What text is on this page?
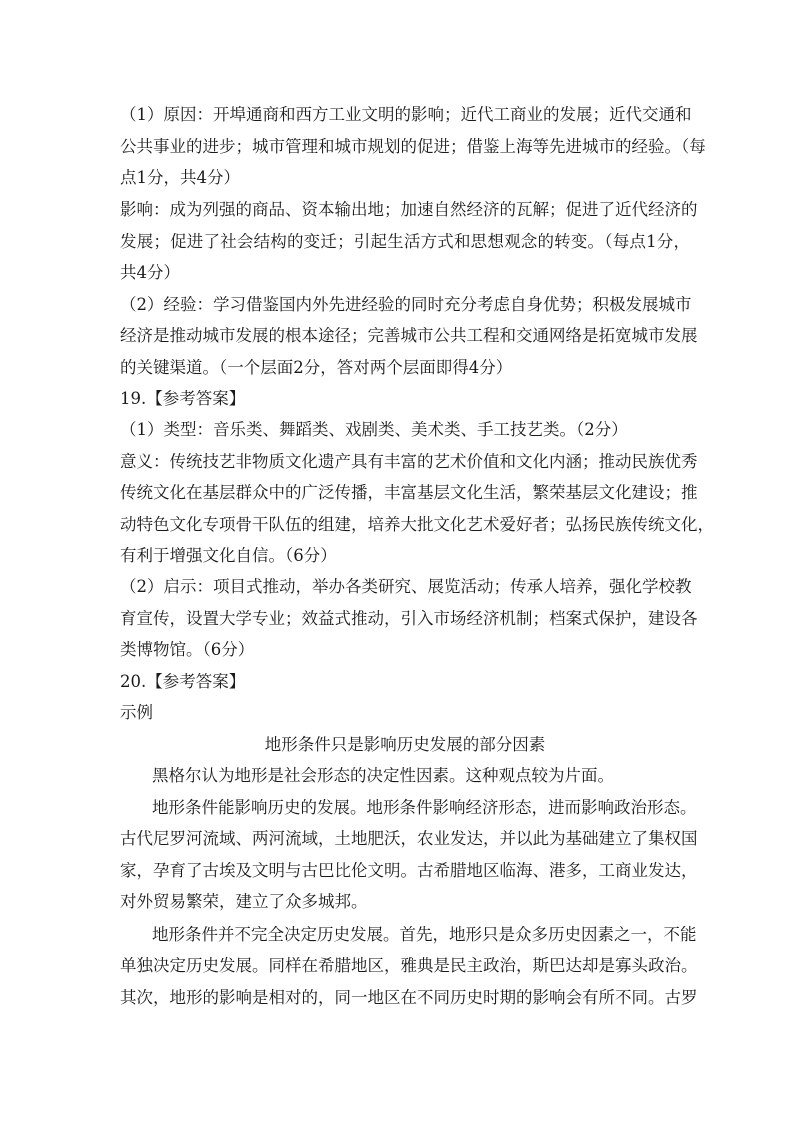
（1）原因：开埠通商和西方工业文明的影响；近代工商业的发展；近代交通和
公共事业的进步；城市管理和城市规划的促进；借鉴上海等先进城市的经验。（每
点1分，共4分）
影响：成为列强的商品、资本输出地；加速自然经济的瓦解；促进了近代经济的
发展；促进了社会结构的变迁；引起生活方式和思想观念的转变。（每点1分，
共4分）
（2）经验：学习借鉴国内外先进经验的同时充分考虑自身优势；积极发展城市
经济是推动城市发展的根本途径；完善城市公共工程和交通网络是拓宽城市发展
的关键渠道。（一个层面2分，答对两个层面即得4分）
19.【参考答案】
（1）类型：音乐类、舞蹈类、戏剧类、美术类、手工技艺类。（2分）
意义：传统技艺非物质文化遗产具有丰富的艺术价值和文化内涵；推动民族优秀
传统文化在基层群众中的广泛传播，丰富基层文化生活，繁荣基层文化建设；推
动特色文化专项骨干队伍的组建，培养大批文化艺术爱好者；弘扬民族传统文化，
有利于增强文化自信。（6分）
（2）启示：项目式推动，举办各类研究、展览活动；传承人培养，强化学校教
育宣传，设置大学专业；效益式推动，引入市场经济机制；档案式保护，建设各
类博物馆。（6分）
20.【参考答案】
示例
地形条件只是影响历史发展的部分因素
黑格尔认为地形是社会形态的决定性因素。这种观点较为片面。
地形条件能影响历史的发展。地形条件影响经济形态，进而影响政治形态。
古代尼罗河流域、两河流域，土地肥沃，农业发达，并以此为基础建立了集权国
家，孕育了古埃及文明与古巴比伦文明。古希腊地区临海、港多，工商业发达，
对外贸易繁荣，建立了众多城邦。
地形条件并不完全决定历史发展。首先，地形只是众多历史因素之一，不能
单独决定历史发展。同样在希腊地区，雅典是民主政治，斯巴达却是寡头政治。
其次，地形的影响是相对的，同一地区在不同历史时期的影响会有所不同。古罗
